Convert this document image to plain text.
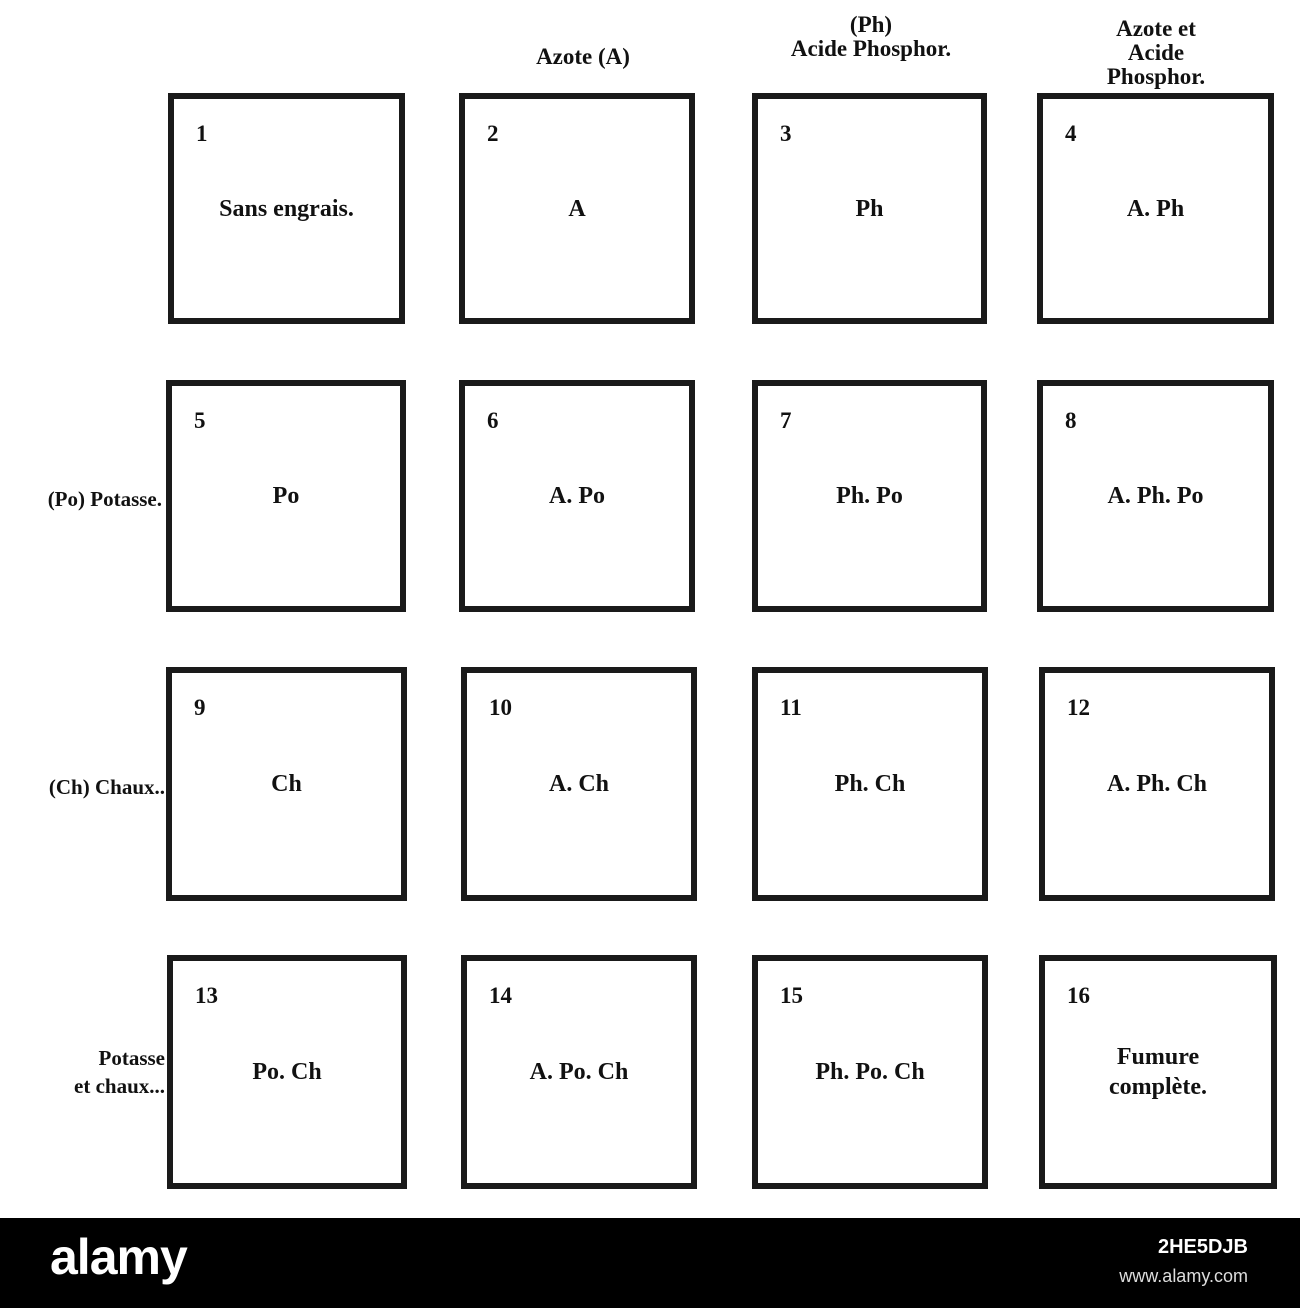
Azote (A)
(Ph)
Acide Phosphor.
Azote et
Acide Phosphor.
(Po) Potasse.
(Ch) Chaux..
Potasse
et chaux...
1
Sans engrais.
2
A
3
Ph
4
A. Ph
5
Po
6
A. Po
7
Ph. Po
8
A. Ph. Po
9
Ch
10
A. Ch
11
Ph. Ch
12
A. Ph. Ch
13
Po. Ch
14
A. Po. Ch
15
Ph. Po. Ch
16
Fumure
complète.
alamy	2HE5DJB
www.alamy.com
